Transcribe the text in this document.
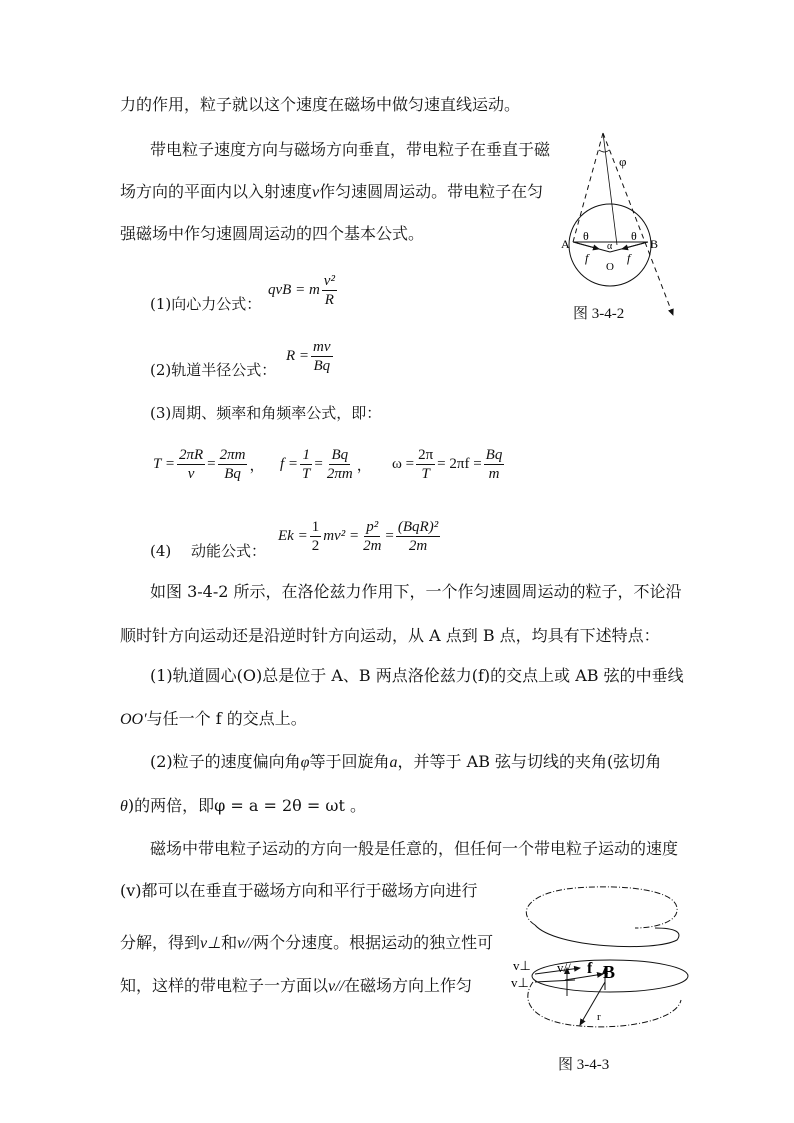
力的作用，粒子就以这个速度在磁场中做匀速直线运动。
带电粒子速度方向与磁场方向垂直，带电粒子在垂直于磁
场方向的平面内以入射速度v作匀速圆周运动。带电粒子在匀
强磁场中作匀速圆周运动的四个基本公式。
(1)向心力公式：
qvB = m $\frac{\text{v²}}{R}$
(2)轨道半径公式：
$R = \frac{mv}{Bq}$
(3)周期、频率和角频率公式，即：
$T = \frac{2\pi R}{v} = \frac{2\pi m}{Bq}$ ， $f = \frac{1}{T} = \frac{Bq}{2\pi m}$ ， $\omega = \frac{2\pi}{T} = 2\pi f = \frac{Bq}{m}$
(4)　 动能公式：
$Ek = \frac{1}{2} mv^2 = \frac{\text{p²}}{2m} = \frac{\text{(BqR)²}}{2m}$
如图 3-4-2 所示，在洛伦兹力作用下，一个作匀速圆周运动的粒子，不论沿
顺时针方向运动还是沿逆时针方向运动，从 A 点到 B 点，均具有下述特点：
(1)轨道圆心(O)总是位于 A、B 两点洛伦兹力(f)的交点上或 AB 弦的中垂线
OO′与任一个 f 的交点上。
(2)粒子的速度偏向角φ等于回旋角a，并等于 AB 弦与切线的夹角(弦切角
θ)的两倍，即φ = a = 2θ = ωt 。
磁场中带电粒子运动的方向一般是任意的，但任何一个带电粒子运动的速度
(v)都可以在垂直于磁场方向和平行于磁场方向进行
分解，得到v⊥和v//两个分速度。根据运动的独立性可
知，这样的带电粒子一方面以v//在磁场方向上作匀
φ
A	B
O
θ	θ
α
f	f
图 3-4-2
v⊥
v⊥
v// f B
r
图 3-4-3
